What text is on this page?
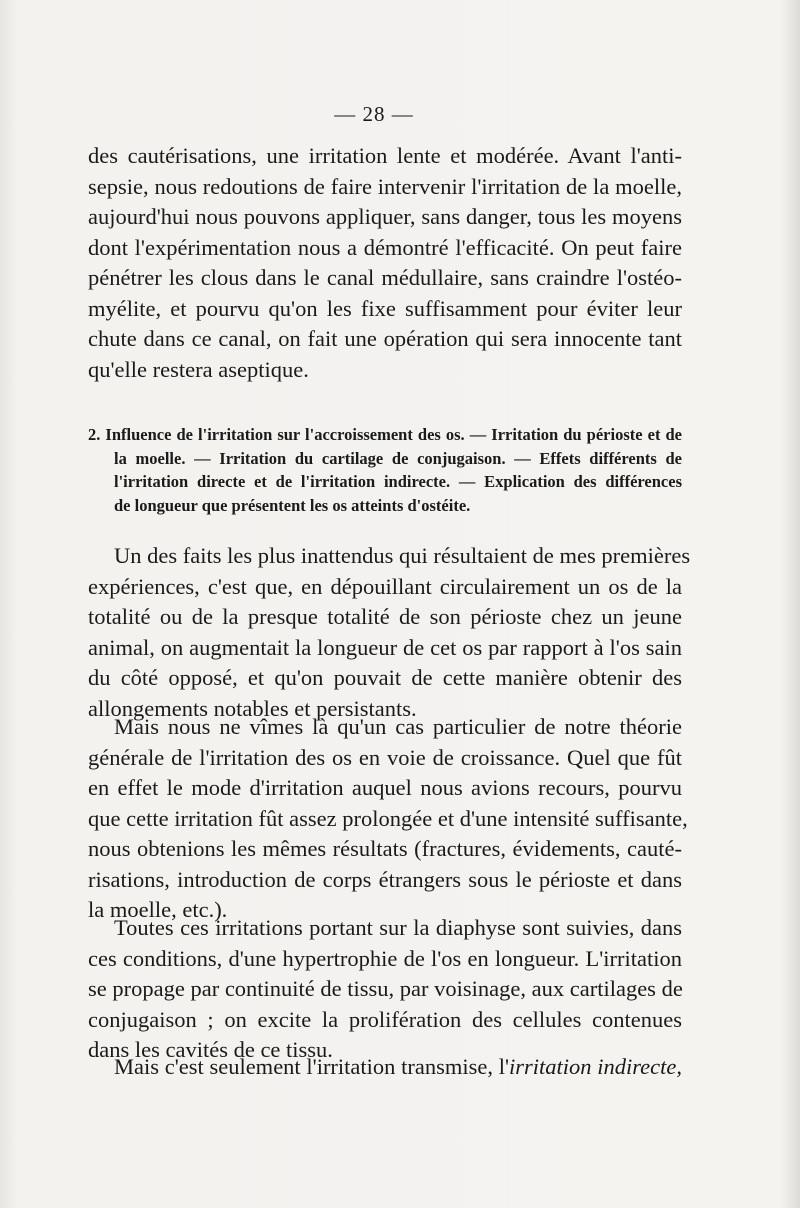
— 28 —
des cautérisations, une irritation lente et modérée. Avant l'anti-
sepsie, nous redoutions de faire intervenir l'irritation de la moelle,
aujourd'hui nous pouvons appliquer, sans danger, tous les moyens
dont l'expérimentation nous a démontré l'efficacité. On peut faire
pénétrer les clous dans le canal médullaire, sans craindre l'ostéo-
myélite, et pourvu qu'on les fixe suffisamment pour éviter leur
chute dans ce canal, on fait une opération qui sera innocente tant
qu'elle restera aseptique.
2. Influence de l'irritation sur l'accroissement des os. — Irritation du périoste et de
la moelle. — Irritation du cartilage de conjugaison. — Effets différents de
l'irritation directe et de l'irritation indirecte. — Explication des différences
de longueur que présentent les os atteints d'ostéite.
Un des faits les plus inattendus qui résultaient de mes premières
expériences, c'est que, en dépouillant circulairement un os de la
totalité ou de la presque totalité de son périoste chez un jeune
animal, on augmentait la longueur de cet os par rapport à l'os sain
du côté opposé, et qu'on pouvait de cette manière obtenir des
allongements notables et persistants.
Mais nous ne vîmes là qu'un cas particulier de notre théorie
générale de l'irritation des os en voie de croissance. Quel que fût
en effet le mode d'irritation auquel nous avions recours, pourvu
que cette irritation fût assez prolongée et d'une intensité suffisante,
nous obtenions les mêmes résultats (fractures, évidements, cauté-
risations, introduction de corps étrangers sous le périoste et dans
la moelle, etc.).
Toutes ces irritations portant sur la diaphyse sont suivies, dans
ces conditions, d'une hypertrophie de l'os en longueur. L'irritation
se propage par continuité de tissu, par voisinage, aux cartilages de
conjugaison ; on excite la prolifération des cellules contenues
dans les cavités de ce tissu.
Mais c'est seulement l'irritation transmise, l'irritation indirecte,
